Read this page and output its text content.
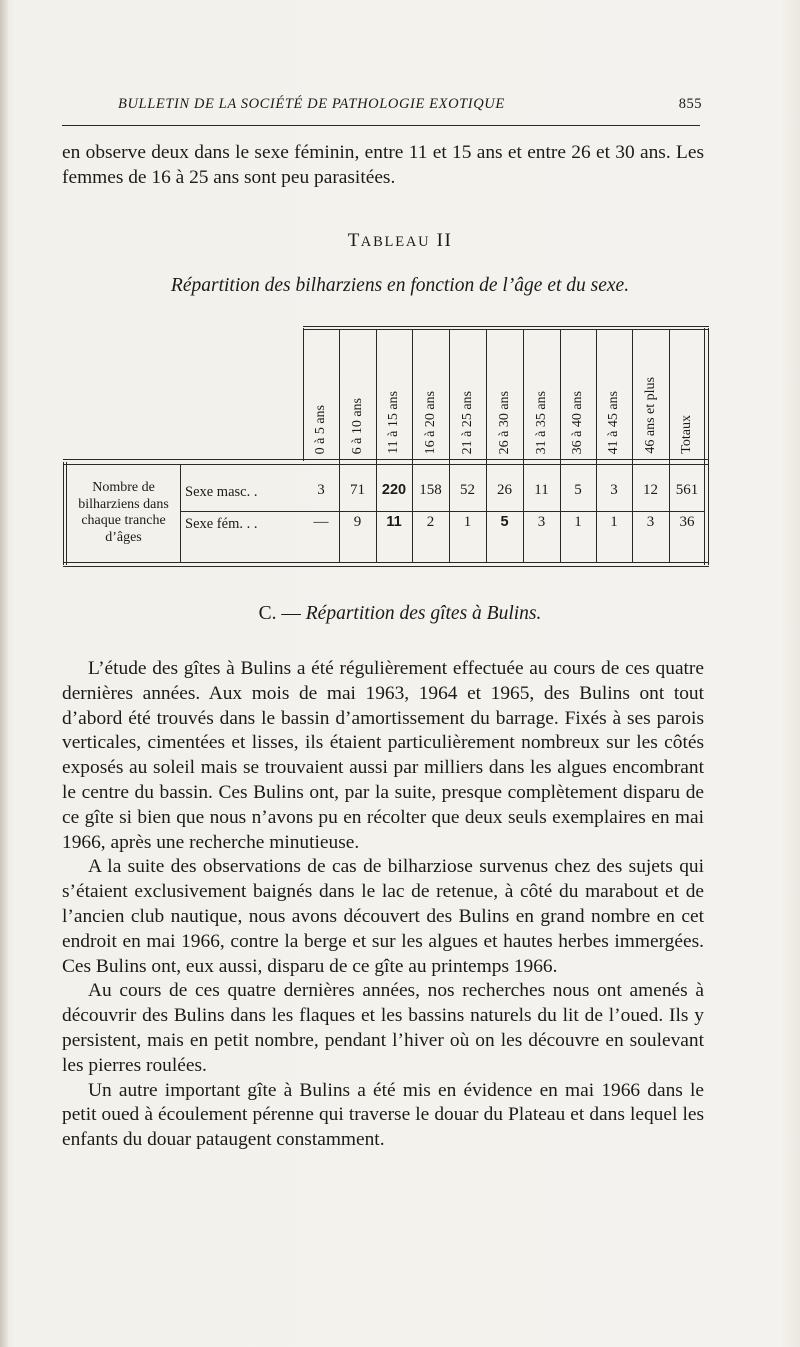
BULLETIN DE LA SOCIÉTÉ DE PATHOLOGIE EXOTIQUE	855

en observe deux dans le sexe féminin, entre 11 et 15 ans et entre 26 et 30 ans. Les femmes de 16 à 25 ans sont peu parasitées.

TABLEAU II
Répartition des bilharziens en fonction de l’âge et du sexe.
Nombre de bilharziens dans chaque tranche d’âges
Sexe masc. .
Sexe fém. . .
0 à 5 ans
3
—
6 à 10 ans
71
9
11 à 15 ans
220
11
16 à 20 ans
158
2
21 à 25 ans
52
1
26 à 30 ans
26
5
31 à 35 ans
11
3
36 à 40 ans
5
1
41 à 45 ans
3
1
46 ans et plus
12
3
Totaux
561
36
C. — Répartition des gîtes à Bulins.

L’étude des gîtes à Bulins a été régulièrement effectuée au cours de ces quatre dernières années. Aux mois de mai 1963, 1964 et 1965, des Bulins ont tout d’abord été trouvés dans le bassin d’amortissement du barrage. Fixés à ses parois verticales, cimentées et lisses, ils étaient particulièrement nombreux sur les côtés exposés au soleil mais se trouvaient aussi par milliers dans les algues encombrant le centre du bassin. Ces Bulins ont, par la suite, presque complètement disparu de ce gîte si bien que nous n’avons pu en récolter que deux seuls exemplaires en mai 1966, après une recherche minutieuse.

A la suite des observations de cas de bilharziose survenus chez des sujets qui s’étaient exclusivement baignés dans le lac de retenue, à côté du marabout et de l’ancien club nautique, nous avons découvert des Bulins en grand nombre en cet endroit en mai 1966, contre la berge et sur les algues et hautes herbes immergées. Ces Bulins ont, eux aussi, disparu de ce gîte au printemps 1966.

Au cours de ces quatre dernières années, nos recherches nous ont amenés à découvrir des Bulins dans les flaques et les bassins naturels du lit de l’oued. Ils y persistent, mais en petit nombre, pendant l’hiver où on les découvre en soulevant les pierres roulées.

Un autre important gîte à Bulins a été mis en évidence en mai 1966 dans le petit oued à écoulement pérenne qui traverse le douar du Plateau et dans lequel les enfants du douar pataugent constamment.
